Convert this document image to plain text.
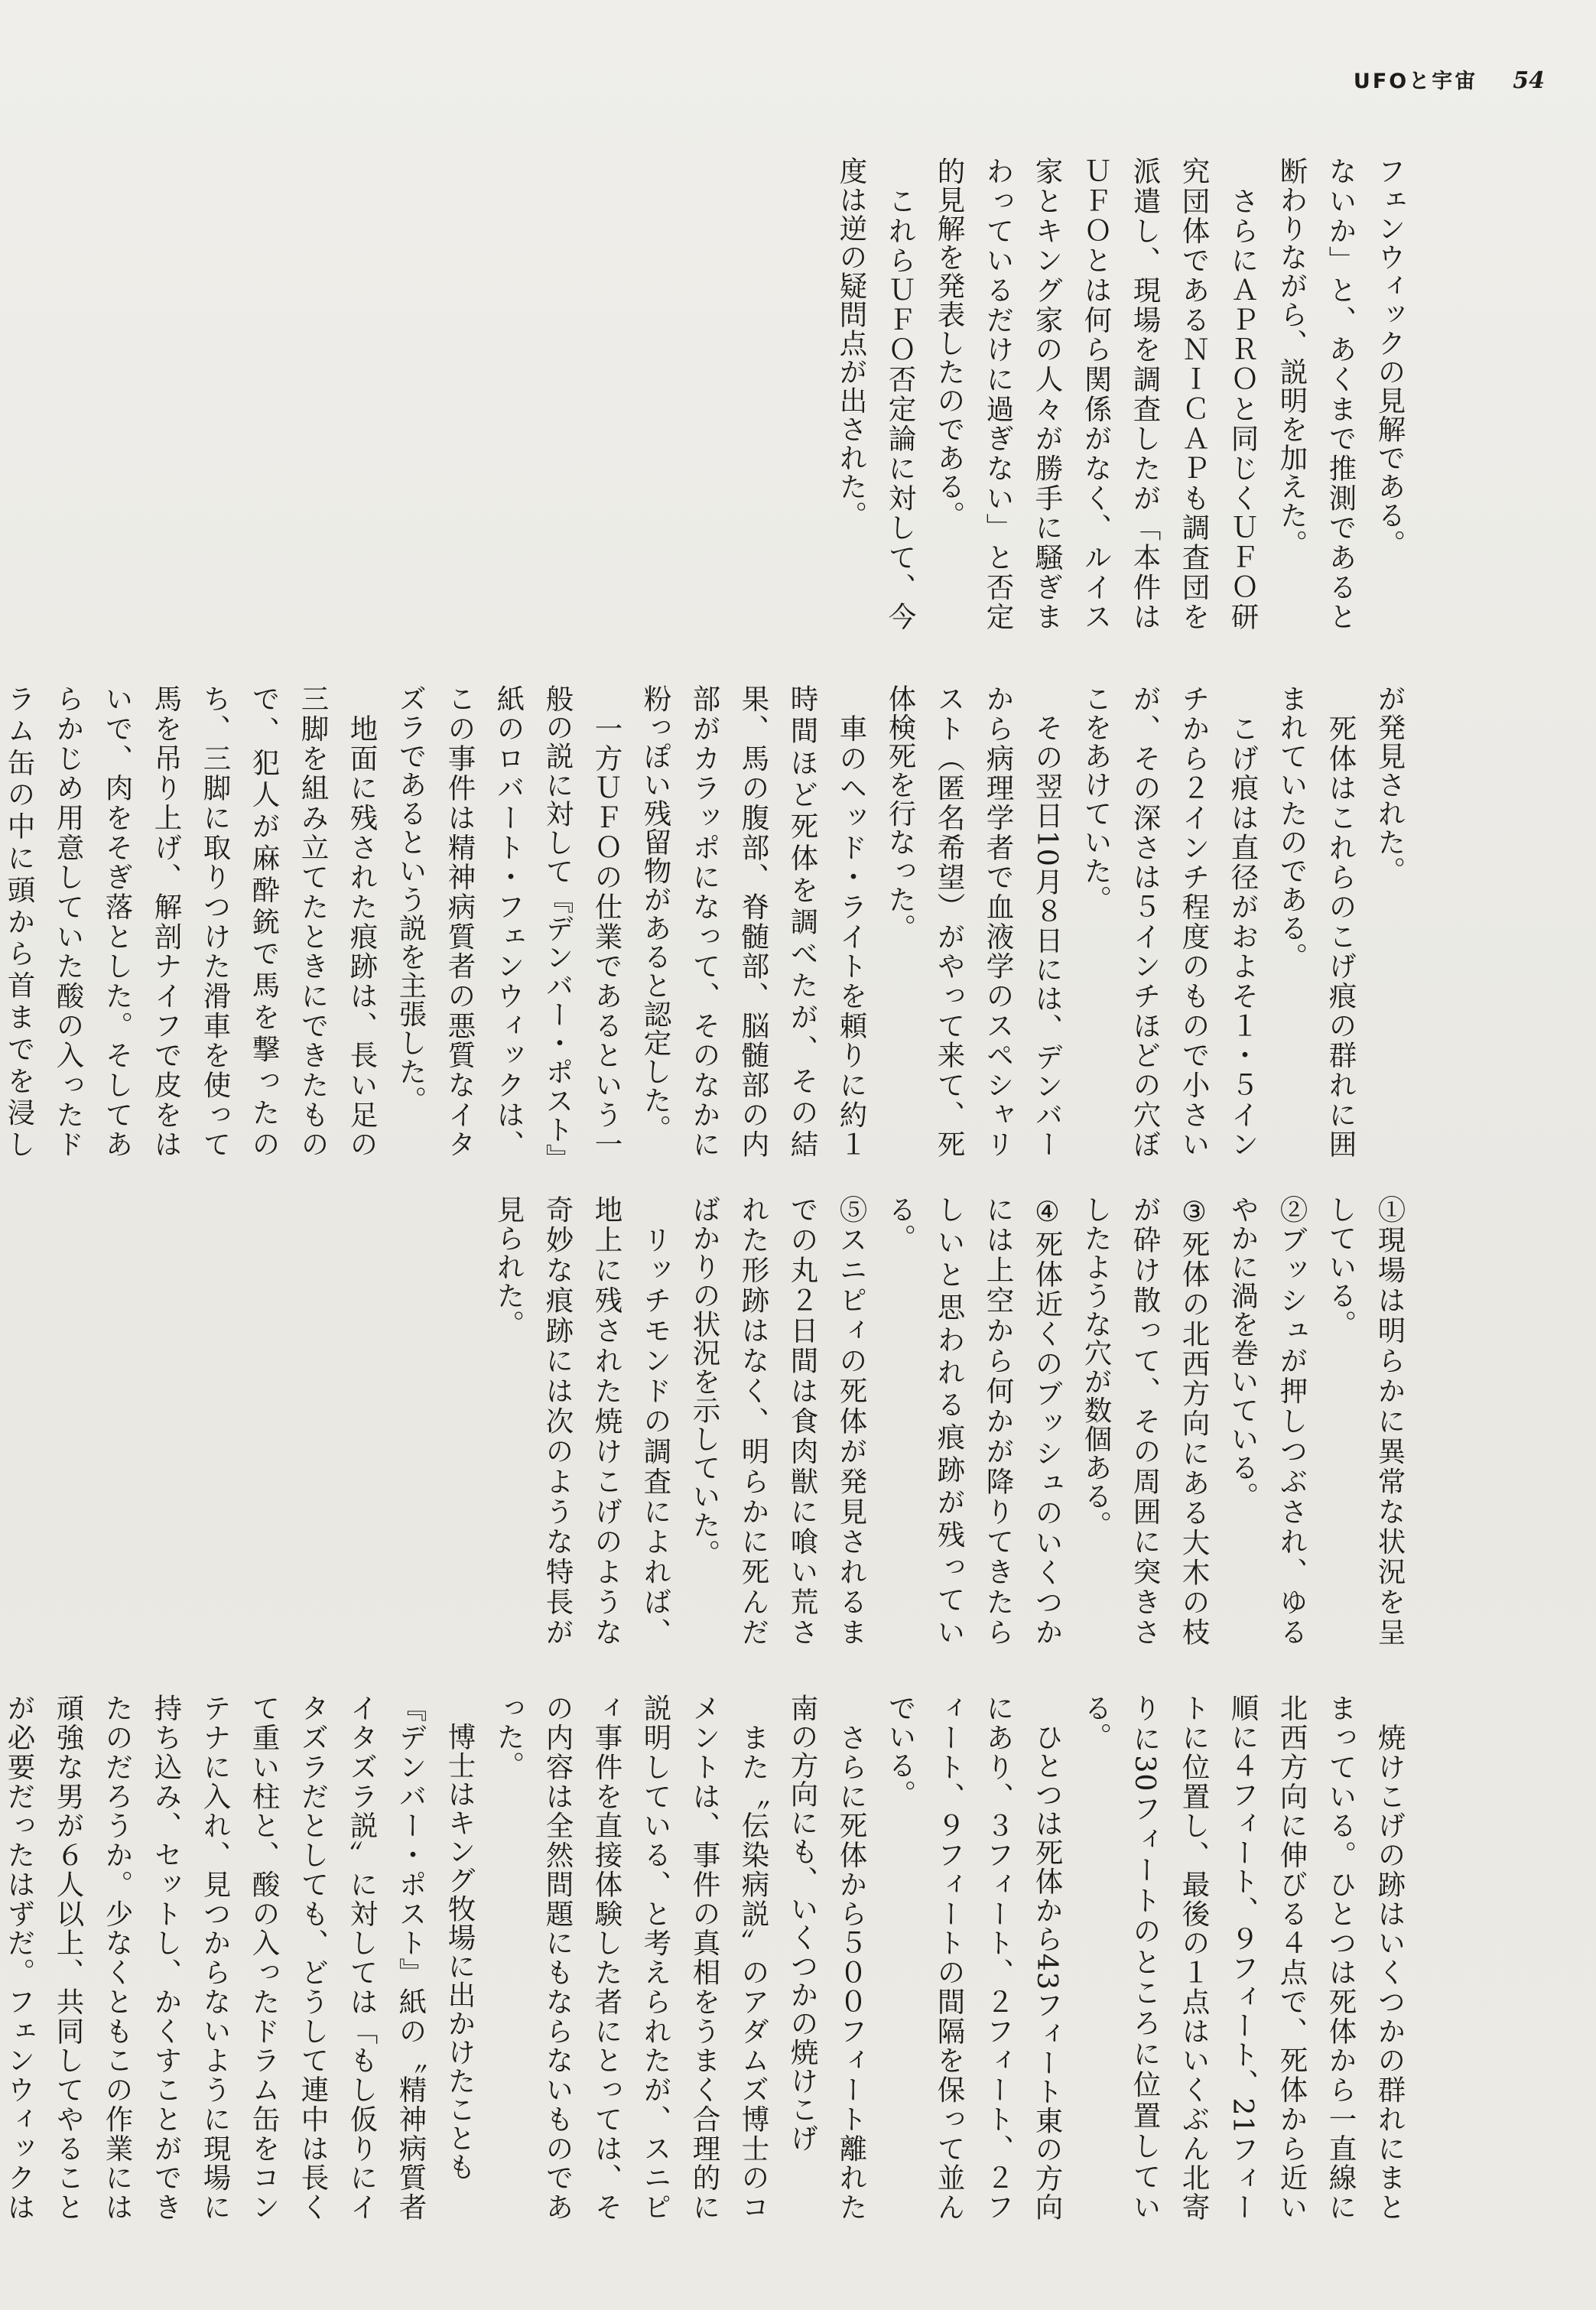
UFOと宇宙 54

フェンウィックの見解である。
ないか」と、あくまで推測であると断わりながら、説明を加えた。
　さらにＡＰＲＯと同じくＵＦＯ研究団体であるＮＩＣＡＰも調査団を派遣し、現場を調査したが「本件はＵＦＯとは何ら関係がなく、ルイス家とキング家の人々が勝手に騒ぎまわっているだけに過ぎない」と否定的見解を発表したのである。
　これらＵＦＯ否定論に対して、今度は逆の疑問点が出された。

が発見された。
　死体はこれらのこげ痕の群れに囲まれていたのである。
　こげ痕は直径がおよそ１・５インチから２インチ程度のもので小さいが、その深さは５インチほどの穴ぼこをあけていた。
　その翌日10月８日には、デンバーから病理学者で血液学のスペシャリスト（匿名希望）がやって来て、死体検死を行なった。
　車のヘッド・ライトを頼りに約１時間ほど死体を調べたが、その結果、馬の腹部、脊髄部、脳髄部の内部がカラッポになって、そのなかに粉っぽい残留物があると認定した。
　一方ＵＦＯの仕業であるという一般の説に対して『デンバー・ポスト』紙のロバート・フェンウィックは、この事件は精神病質者の悪質なイタズラであるという説を主張した。
　地面に残された痕跡は、長い足の三脚を組み立てたときにできたもので、犯人が麻酔銃で馬を撃ったのち、三脚に取りつけた滑車を使って馬を吊り上げ、解剖ナイフで皮をはいで、肉をそぎ落とした。そしてあらかじめ用意していた酸の入ったドラム缶の中に頭から首までを浸し

①現場は明らかに異常な状況を呈している。
②ブッシュが押しつぶされ、ゆるやかに渦を巻いている。
③死体の北西方向にある大木の枝が砕け散って、その周囲に突きさしたような穴が数個ある。
④死体近くのブッシュのいくつかには上空から何かが降りてきたらしいと思われる痕跡が残っている。
⑤スニピィの死体が発見されるまでの丸２日間は食肉獣に喰い荒された形跡はなく、明らかに死んだばかりの状況を示していた。
　リッチモンドの調査によれば、地上に残された焼けこげのような奇妙な痕跡には次のような特長が見られた。

　焼けこげの跡はいくつかの群れにまとまっている。ひとつは死体から一直線に北西方向に伸びる４点で、死体から近い順に４フィート、９フィート、21フィートに位置し、最後の１点はいくぶん北寄りに30フィートのところに位置している。
　ひとつは死体から43フィート東の方向にあり、３フィート、２フィート、２フィート、９フィートの間隔を保って並んでいる。
　さらに死体から５００フィート離れた南の方向にも、いくつかの焼けこげ
　また〝伝染病説〟のアダムズ博士のコメントは、事件の真相をうまく合理的に説明している、と考えられたが、スニピィ事件を直接体験した者にとっては、その内容は全然問題にもならないものであった。
　博士はキング牧場に出かけたことも
『デンバー・ポスト』紙の〝精神病質者イタズラ説〟に対しては「もし仮りにイタズラだとしても、どうして連中は長くて重い柱と、酸の入ったドラム缶をコンテナに入れ、見つからないように現場に持ち込み、セットし、かくすことができたのだろうか。少なくともこの作業には頑強な男が６人以上、共同してやることが必要だったはずだ。フェンウィックは
